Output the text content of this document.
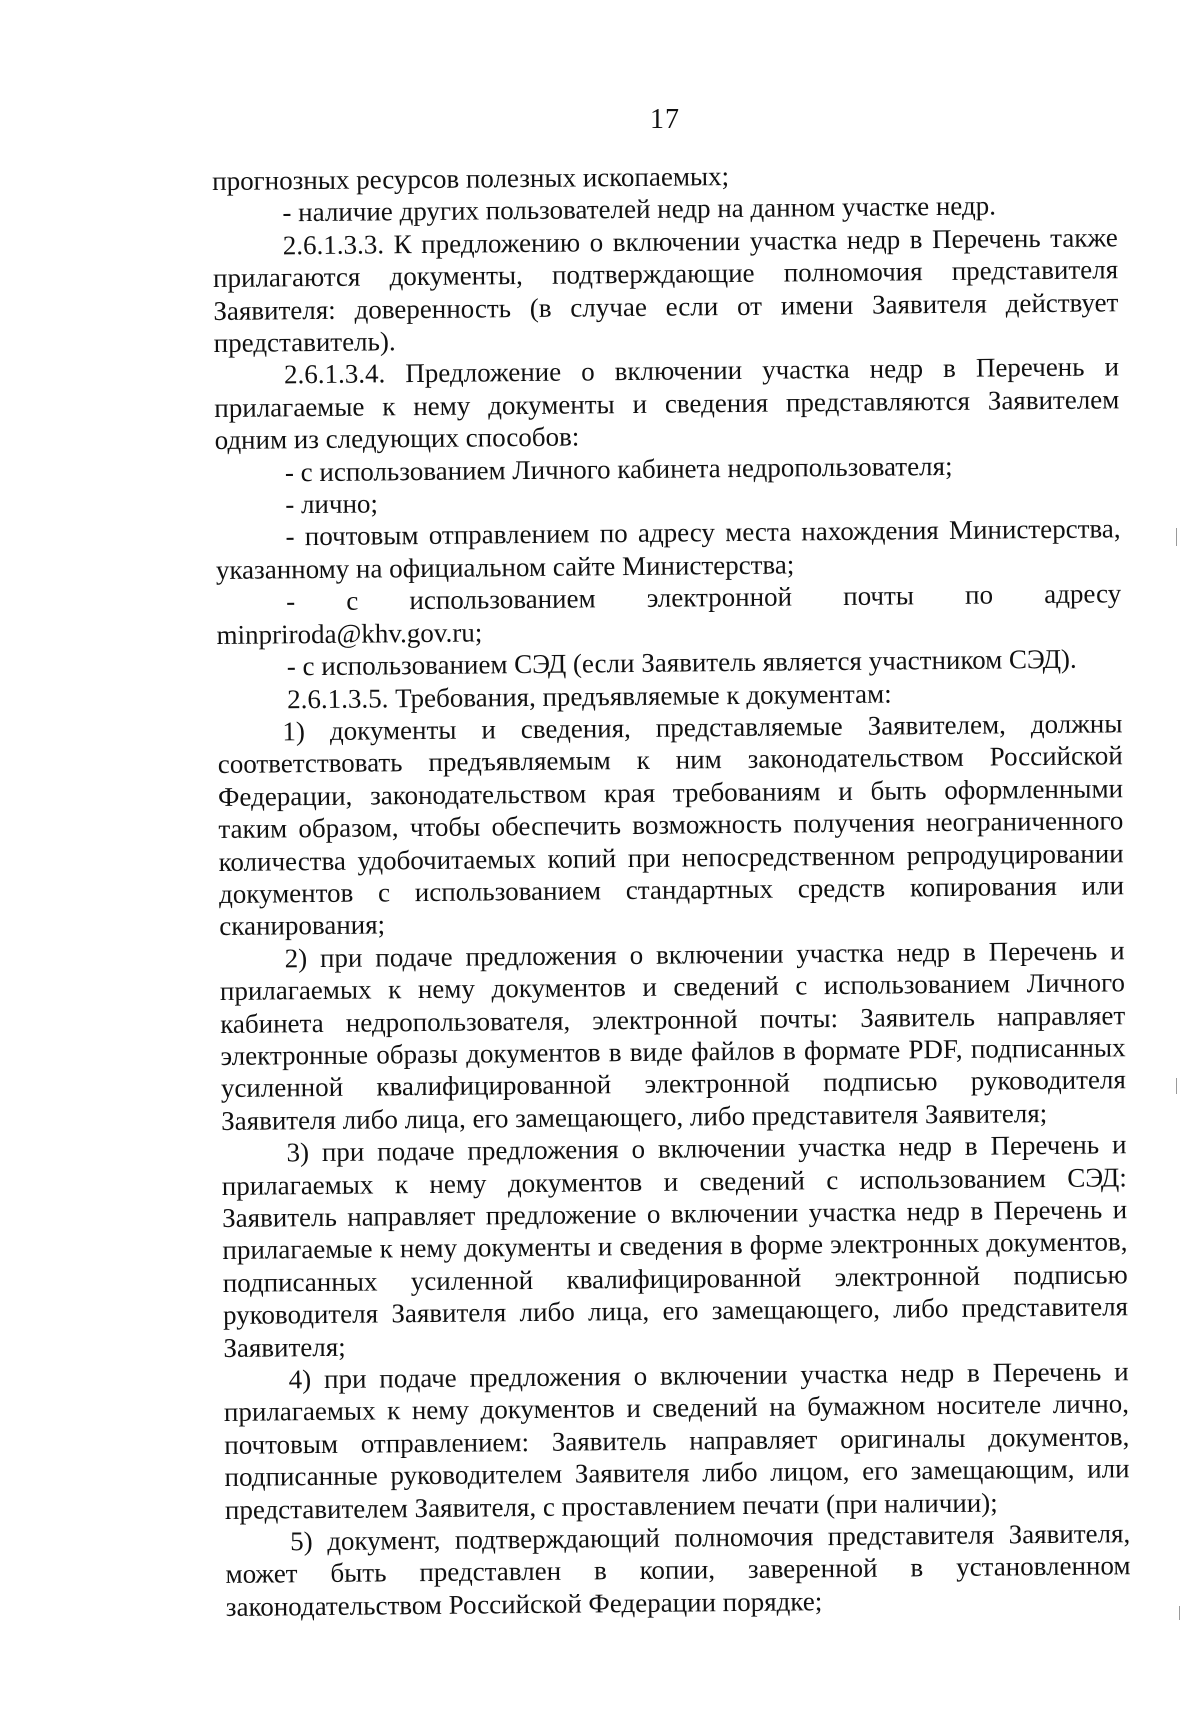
17

прогнозных ресурсов полезных ископаемых;

- наличие других пользователей недр на данном участке недр.

2.6.1.3.3. К предложению о включении участка недр в Перечень также прилагаются документы, подтверждающие полномочия представителя Заявителя: доверенность (в случае если от имени Заявителя действует представитель).

2.6.1.3.4. Предложение о включении участка недр в Перечень и прилагаемые к нему документы и сведения представляются Заявителем одним из следующих способов:

- с использованием Личного кабинета недропользователя;

- лично;

- почтовым отправлением по адресу места нахождения Министерства, указанному на официальном сайте Министерства;

- с использованием электронной почты по адресу

minpriroda@khv.gov.ru;

- с использованием СЭД (если Заявитель является участником СЭД).

2.6.1.3.5. Требования, предъявляемые к документам:

1) документы и сведения, представляемые Заявителем, должны соответствовать предъявляемым к ним законодательством Российской Федерации, законодательством края требованиям и быть оформленными таким образом, чтобы обеспечить возможность получения неограниченного количества удобочитаемых копий при непосредственном репродуцировании документов с использованием стандартных средств копирования или сканирования;

2) при подаче предложения о включении участка недр в Перечень и прилагаемых к нему документов и сведений с использованием Личного кабинета недропользователя, электронной почты: Заявитель направляет электронные образы документов в виде файлов в формате PDF, подписанных усиленной квалифицированной электронной подписью руководителя Заявителя либо лица, его замещающего, либо представителя Заявителя;

3) при подаче предложения о включении участка недр в Перечень и прилагаемых к нему документов и сведений с использованием СЭД: Заявитель направляет предложение о включении участка недр в Перечень и прилагаемые к нему документы и сведения в форме электронных документов, подписанных усиленной квалифицированной электронной подписью руководителя Заявителя либо лица, его замещающего, либо представителя Заявителя;

4) при подаче предложения о включении участка недр в Перечень и прилагаемых к нему документов и сведений на бумажном носителе лично, почтовым отправлением: Заявитель направляет оригиналы документов, подписанные руководителем Заявителя либо лицом, его замещающим, или представителем Заявителя, с проставлением печати (при наличии);

5) документ, подтверждающий полномочия представителя Заявителя, может быть представлен в копии, заверенной в установленном законодательством Российской Федерации порядке;
